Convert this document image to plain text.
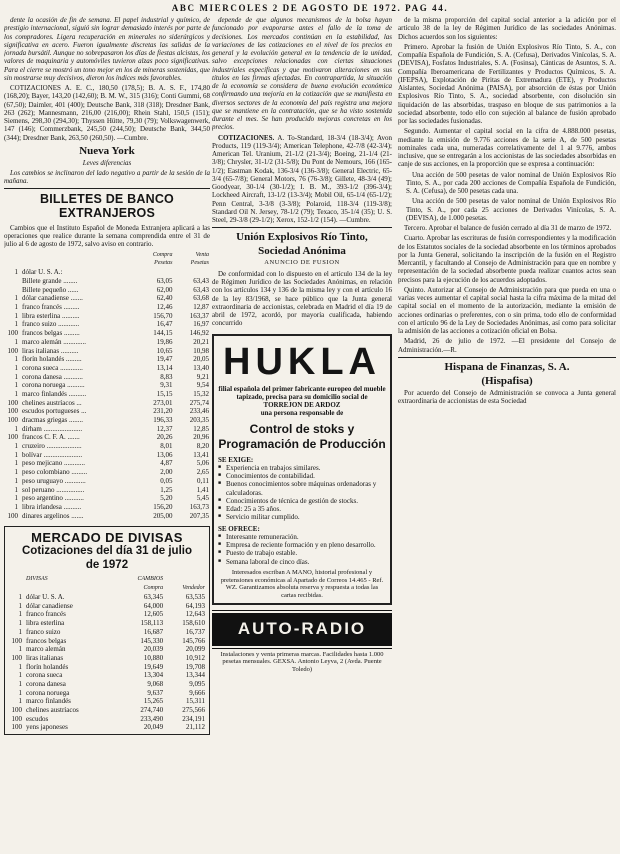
ABC MIERCOLES 2 DE AGOSTO DE 1972. PAG 44.

dente la ocasión de fin de semana. El papel industrial y químico, de prestigio internacional, siguió sin lograr demasiado interés por parte de los compradores. Ligera recuperación en minerales no siderúrgicos y significativa en acero. Fueron igualmente discretas las salidas de la jornada bursátil. Aunque no sobrepasaron los días de fiestas alcistas, los valores de maquinaria y automóviles tuvieron alzas poco significativas. Para el cierre se mostró un tono mejor en los de mineras sostenidas, que sin mostrarse muy decisivos, dieron los índices más favorables.

COTIZACIONES A. E. C., 180,50 (178,5); B. A. S. F., 174,80 (168,20); Bayer, 143,20 (142,60); B. M. W., 315 (316); Conti Gummi, 68 (67,50); Daimler, 401 (400); Deutsche Bank, 318 (318); Dresdner Bank, 263 (262); Mannesmann, 216,00 (216,00); Rhein Stahl, 150,5 (151); Siemens, 298,30 (294,30); Thyssen Hütte, 79,30 (79); Volkswagenwerk, 147 (146); Commerzbank, 245,50 (244,50); Deutsche Bank, 344,50 (344); Dresdner Bank, 263,50 (260,50). —Cumbre.

Nueva York
Leves diferencias

Los cambios se inclinaron del lado negativo a partir de la sesión de la mañana.

BILLETES DE BANCO EXTRANJEROS

Cambios que el Instituto Español de Moneda Extranjera aplicará a las operaciones que realice durante la semana comprendida entre el 31 de julio al 6 de agosto de 1972, salvo aviso en contrario.

		Compra	Venta
		Pesetas	Pesetas
1	dólar U. S. A.:		
	Billete grande ........	63,05	63,43
	Billete pequeño ......	62,00	63,43
1	dólar canadiense .......	62,40	63,68
1	franco francés .........	12,46	12,87
1	libra esterlina ..........	156,70	163,37
1	franco suizo ............	16,47	16,97
100	francos belgas .........	144,15	146,92
1	marco alemán .............	19,86	20,21
100	liras italianas ..........	10,65	10,98
1	florín holandés .........	19,47	20,05
1	corona sueca .............	13,14	13,40
1	corona danesa ...........	8,83	9,21
1	corona noruega ..........	9,31	9,54
1	marco finlandés ..........	15,15	15,32
100	chelines austríacos ...	273,01	275,74
100	escudos portugueses ...	231,20	233,46
100	dracmas griegas ........	196,33	203,35
1	dírham ......................	12,37	12,85
100	francos C. F. A. .......	20,26	20,96
1	cruzeiro ....................	8,01	8,20
1	bolívar ......................	13,06	13,41
1	peso mejicano ............	4,87	5,06
1	peso colombiano .........	2,00	2,65
1	peso uruguayo ............	0,05	0,11
1	sol peruano ................	1,25	1,41
1	peso argentino ...........	5,20	5,45
1	libra irlandesa ..........	156,20	163,73
100	dinares argelinos .......	205,00	207,35
MERCADO DE DIVISAS
Cotizaciones del día 31 de julio
de 1972
	DIVISAS	CAMBIOS	
		Compra	Vendedor
1	dólar U. S. A.	63,345	63,535
1	dólar canadiense	64,000	64,193
1	franco francés	12,605	12,643
1	libra esterlina	158,113	158,610
1	franco suizo	16,687	16,737
100	francos belgas	145,330	145,766
1	marco alemán	20,039	20,099
100	liras italianas	10,880	10,912
1	florín holandés	19,649	19,708
1	corona sueca	13,304	13,344
1	corona danesa	9,068	9,095
1	corona noruega	9,637	9,666
1	marco finlandés	15,265	15,311
100	chelines austríacos	274,740	275,566
100	escudos	233,490	234,191
100	yens japoneses	20,049	21,112

depende de que algunos mecanismos de la bolsa hayan funcionado por evaporarse antes el fallo de la toma de decisiones. Los mercados continúan en la estabilidad, las variaciones de las cotizaciones en el nivel de los precios en general y la evolución general en la tendencia de la unidad, salvo excepciones relacionadas con ciertas situaciones industriales específicas y que motivaron alteraciones en sus títulos en las firmas afectadas. En contrapartida, la situación de la economía se considera de buena evolución económica confirmando una mejoría en la cotización que se manifiesta en diversos sectores de la economía del país registra una mejora que se mantiene en la contratación, que se ha visto sostenida durante el mes. Se han producido mejoras concretas en los precios.

COTIZACIONES. A. To-Standard, 18-3/4 (18-3/4); Avon Products, 119 (119-3/4); American Telephone, 42-7/8 (42-3/4); American Tel. Uranium, 21-1/2 (21-3/4); Boeing, 21-1/4 (21-3/8); Chrysler, 31-1/2 (31-5/8); Du Pont de Nemours, 166 (165-1/2); Eastman Kodak, 136-3/4 (136-3/8); General Electric, 65-3/4 (65-7/8); General Motors, 76 (76-3/8); Gillete, 48-3/4 (49); Goodyear, 30-1/4 (30-1/2); I. B. M., 393-1/2 (396-3/4); Lockheed Aircraft, 13-1/2 (13-3/4); Mobil Oil, 65-1/4 (65-1/2); Penn Central, 3-3/8 (3-3/8); Polaroid, 118-3/4 (119-3/8); Standard Oil N. Jersey, 78-1/2 (79); Texaco, 35-1/4 (35); U. S. Steel, 29-3/8 (29-1/2); Xerox, 152-1/2 (154). —Cumbre.

Unión Explosivos Río Tinto,
Sociedad Anónima
ANUNCIO DE FUSION

De conformidad con lo dispuesto en el artículo 134 de la ley de Régimen Jurídico de las Sociedades Anónimas, en relación con los artículos 134 y 136 de la misma ley y con el artículo 16 de la ley 83/1968, se hace público que la Junta general extraordinaria de accionistas, celebrada en Madrid el día 19 de abril de 1972, acordó, por mayoría cualificada, habiendo concurrido

HUKLA
filial española del primer fabricante europeo del mueble tapizado, precisa para su domicilio social de
TORREJON DE ARDOZ
una persona responsable de
Control de stoks y Programación de Producción
SE EXIGE:
■ Experiencia en trabajos similares.
■ Conocimientos de contabilidad.
■ Buenos conocimientos sobre máquinas ordenadoras y calculadoras.
■ Conocimientos de técnica de gestión de stocks.
■ Edad: 25 a 35 años.
■ Servicio militar cumplido.
SE OFRECE:
■ Interesante remuneración.
■ Empresa de reciente formación y en pleno desarrollo.
■ Puesto de trabajo estable.
■ Semana laboral de cinco días.
Interesados escriban A MANO, historial profesional y pretensiones económicas al Apartado de Correos 14.465 - Ref. WZ. Garantizamos absoluta reserva y respuesta a todas las cartas recibidas.
AUTO-RADIO
Instalaciones y venta primeras marcas. Facilidades hasta 1.000 pesetas mensuales. GEXSA. Antonio Leyva, 2 (Avda. Puente Toledo)

de la misma proporción del capital social anterior a la adición por el artículo 38 de la ley de Régimen Jurídico de las sociedades Anónimas. Dichos acuerdos son los siguientes:

Primero. Aprobar la fusión de Unión Explosivos Río Tinto, S. A., con Compañía Española de Fundición, S. A. (Cefusa), Derivados Vinícolas, S. A. (DEVISA), Fosfatos Industriales, S. A. (Fosinsa), Cánticas de Asuntos, S. A. Compañía Iberoamericana de Fertilizantes y Productos Químicos, S. A. (IFEPSA), Explotación de Piritas de Extremadura (ETE), y Productos Aislantes, Sociedad Anónima (PAISA), por absorción de éstas por Unión Explosivos Río Tinto, S. A., sociedad absorbente, con disolución sin liquidación de las absorbidas, traspaso en bloque de sus patrimonios a la sociedad absorbente, todo ello con sujeción al balance de fusión aprobado por las sociedades fusionadas.

Segundo. Aumentar el capital social en la cifra de 4.888.000 pesetas, mediante la emisión de 9.776 acciones de la serie A, de 500 pesetas nominales cada una, numeradas correlativamente del 1 al 9.776, ambos inclusive, que se entregarán a los accionistas de las sociedades absorbidas en canje de sus acciones, en la proporción que se expresa a continuación:

Una acción de 500 pesetas de valor nominal de Unión Explosivos Río Tinto, S. A., por cada 200 acciones de Compañía Española de Fundición, S. A. (Cefusa), de 500 pesetas cada una.

Una acción de 500 pesetas de valor nominal de Unión Explosivos Río Tinto, S. A., por cada 25 acciones de Derivados Vinícolas, S. A. (DEVISA), de 1.000 pesetas.

Tercero. Aprobar el balance de fusión cerrado al día 31 de marzo de 1972.

Cuarto. Aprobar las escrituras de fusión correspondientes y la modificación de los Estatutos sociales de la sociedad absorbente en los términos aprobados por la Junta General, solicitando la inscripción de la fusión en el Registro Mercantil, y facultando al Consejo de Administración para que en nombre y representación de la sociedad absorbente pueda realizar cuantos actos sean precisos para la ejecución de los acuerdos adoptados.

Quinto. Autorizar al Consejo de Administración para que pueda en una o varias veces aumentar el capital social hasta la cifra máxima de la mitad del capital social en el momento de la autorización, mediante la emisión de acciones ordinarias o preferentes, con o sin prima, todo ello de conformidad con el artículo 96 de la Ley de Sociedades Anónimas, así como para solicitar la admisión de las acciones a cotización oficial en Bolsa.

Madrid, 26 de julio de 1972. —El presidente del Consejo de Administración.—R.

Hispana de Finanzas, S. A.
(Hispafisa)

Por acuerdo del Consejo de Administración se convoca a Junta general extraordinaria de accionistas de esta Sociedad
